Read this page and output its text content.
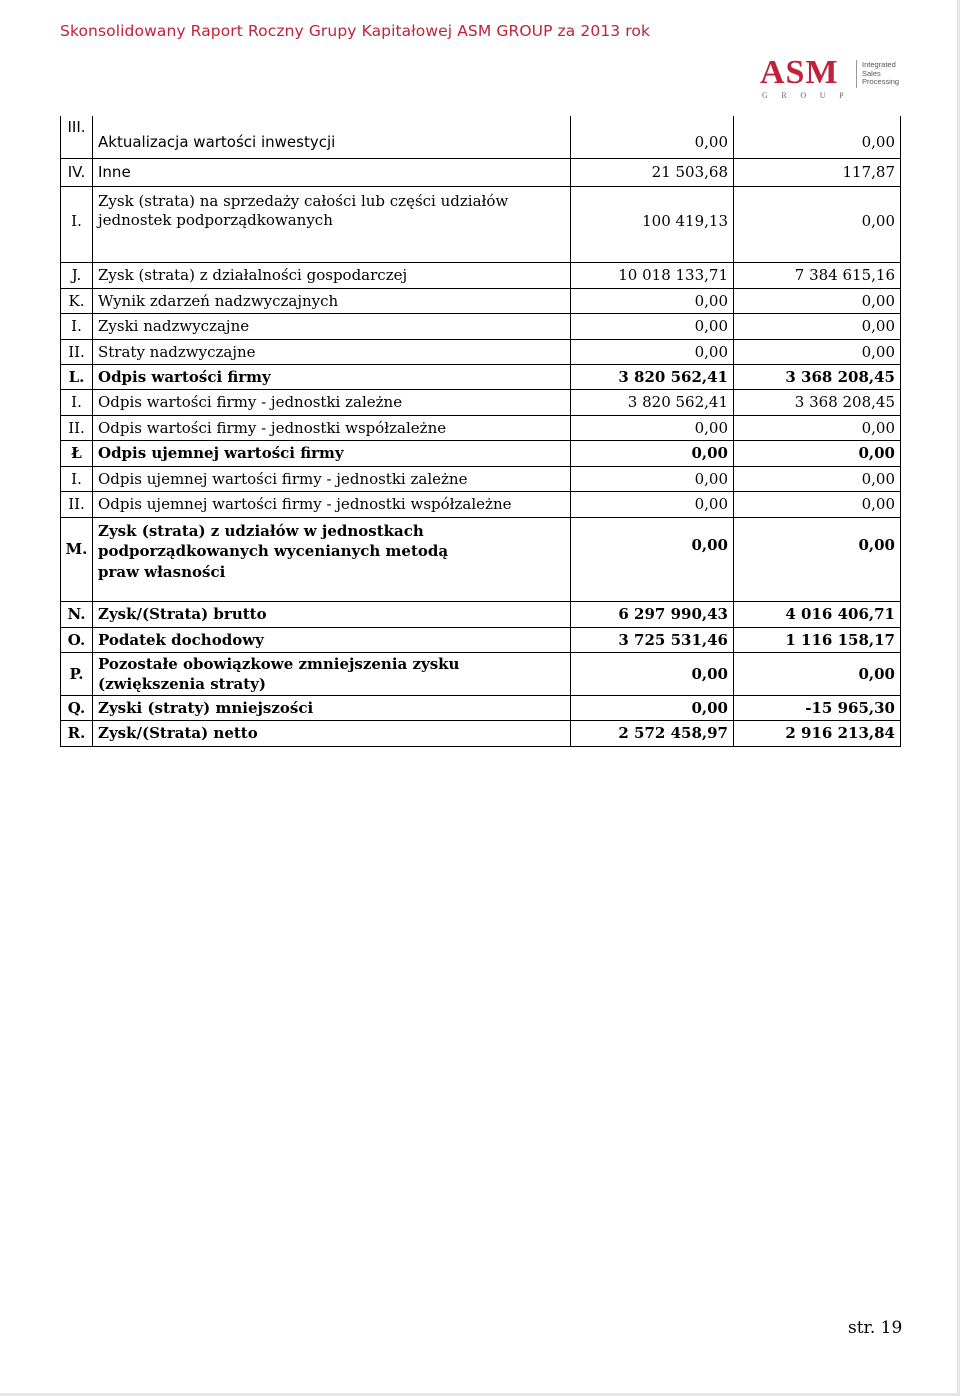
Skonsolidowany Raport Roczny Grupy Kapitałowej ASM GROUP za 2013 rok
ASM
GROUP
Integrated
Sales
Processing
III.	Aktualizacja wartości inwestycji	0,00	0,00
IV.	Inne	21 503,68	117,87
I.	Zysk (strata) na sprzedaży całości lub części udziałów jednostek podporządkowanych	100 419,13	0,00

J.	Zysk (strata) z działalności gospodarczej	10 018 133,71	7 384 615,16
K.	Wynik zdarzeń nadzwyczajnych	0,00	0,00
I.	Zyski nadzwyczajne	0,00	0,00
II.	Straty nadzwyczajne	0,00	0,00
L.	Odpis wartości firmy	3 820 562,41	3 368 208,45
I.	Odpis wartości firmy - jednostki zależne	3 820 562,41	3 368 208,45
II.	Odpis wartości firmy - jednostki współzależne	0,00	0,00
Ł	Odpis ujemnej wartości firmy	0,00	0,00
I.	Odpis ujemnej wartości firmy - jednostki zależne	0,00	0,00
II.	Odpis ujemnej wartości firmy - jednostki współzależne	0,00	0,00
M.	Zysk (strata) z udziałów w jednostkach podporządkowanych wycenianych metodą praw własności	0,00	0,00
N.	Zysk/(Strata) brutto	6 297 990,43	4 016 406,71
O.	Podatek dochodowy	3 725 531,46	1 116 158,17
P.	Pozostałe obowiązkowe zmniejszenia zysku (zwiększenia straty)	0,00	0,00
Q.	Zyski (straty) mniejszości	0,00	-15 965,30
R.	Zysk/(Strata) netto	2 572 458,97	2 916 213,84
str. 19
